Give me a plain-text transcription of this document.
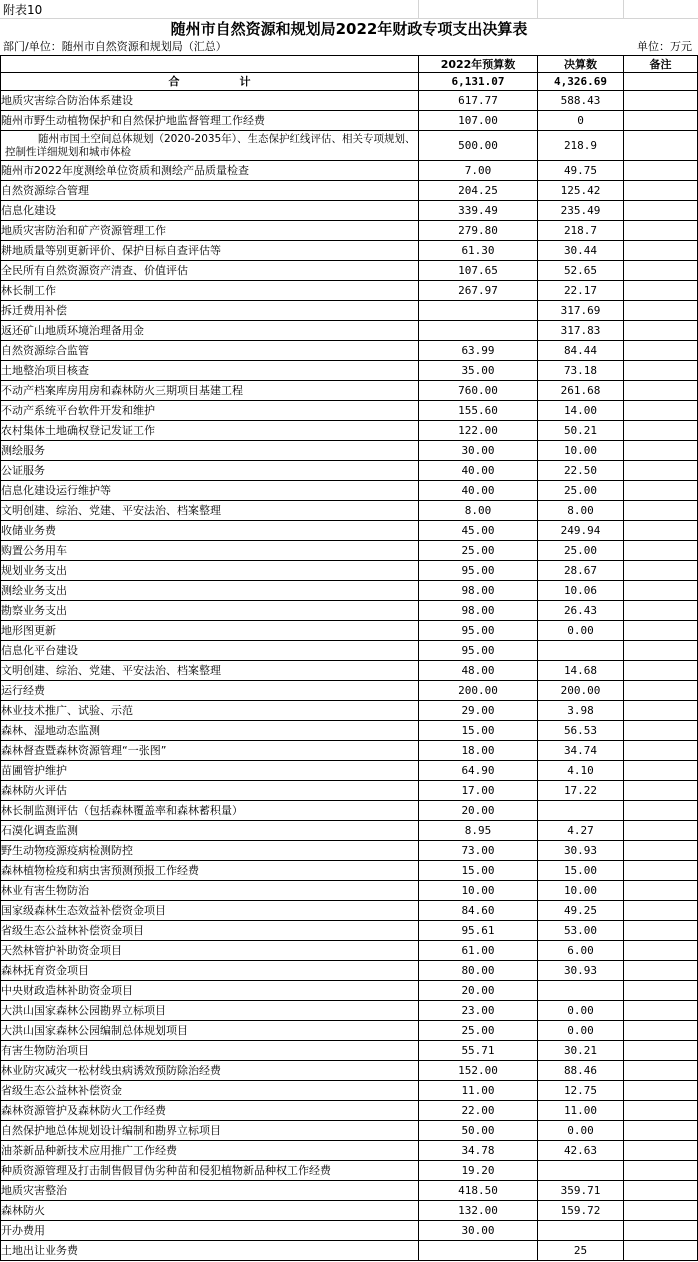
附表10
随州市自然资源和规划局2022年财政专项支出决算表
部门/单位：随州市自然资源和规划局（汇总）	单位：万元
	2022年预算数	决算数	备注
合 计	6,131.07	4,326.69	
地质灾害综合防治体系建设	617.77	588.43	
随州市野生动植物保护和自然保护地监督管理工作经费	107.00	0	
随州市国土空间总体规划（2020-2035年）、生态保护红线评估、相关专项规划、控制性详细规划和城市体检	500.00	218.9	
随州市2022年度测绘单位资质和测绘产品质量检查	7.00	49.75	
自然资源综合管理	204.25	125.42	
信息化建设	339.49	235.49	
地质灾害防治和矿产资源管理工作	279.80	218.7	
耕地质量等别更新评价、保护目标自查评估等	61.30	30.44	
全民所有自然资源资产清查、价值评估	107.65	52.65	
林长制工作	267.97	22.17	
拆迁费用补偿		317.69	
返还矿山地质环境治理备用金		317.83	
自然资源综合监管	63.99	84.44	
土地整治项目核查	35.00	73.18	
不动产档案库房用房和森林防火三期项目基建工程	760.00	261.68	
不动产系统平台软件开发和维护	155.60	14.00	
农村集体土地确权登记发证工作	122.00	50.21	
测绘服务	30.00	10.00	
公证服务	40.00	22.50	
信息化建设运行维护等	40.00	25.00	
文明创建、综治、党建、平安法治、档案整理	8.00	8.00	
收储业务费	45.00	249.94	
购置公务用车	25.00	25.00	
规划业务支出	95.00	28.67	
测绘业务支出	98.00	10.06	
勘察业务支出	98.00	26.43	
地形图更新	95.00	0.00	
信息化平台建设	95.00		
文明创建、综治、党建、平安法治、档案整理	48.00	14.68	
运行经费	200.00	200.00	
林业技术推广、试验、示范	29.00	3.98	
森林、湿地动态监测	15.00	56.53	
森林督查暨森林资源管理“一张图”	18.00	34.74	
苗圃管护维护	64.90	4.10	
森林防火评估	17.00	17.22	
林长制监测评估（包括森林覆盖率和森林蓄积量）	20.00		
石漠化调查监测	8.95	4.27	
野生动物疫源疫病检测防控	73.00	30.93	
森林植物检疫和病虫害预测预报工作经费	15.00	15.00	
林业有害生物防治	10.00	10.00	
国家级森林生态效益补偿资金项目	84.60	49.25	
省级生态公益林补偿资金项目	95.61	53.00	
天然林管护补助资金项目	61.00	6.00	
森林抚育资金项目	80.00	30.93	
中央财政造林补助资金项目	20.00		
大洪山国家森林公园勘界立标项目	23.00	0.00	
大洪山国家森林公园编制总体规划项目	25.00	0.00	
有害生物防治项目	55.71	30.21	
林业防灾减灾一松材线虫病诱效预防除治经费	152.00	88.46	
省级生态公益林补偿资金	11.00	12.75	
森林资源管护及森林防火工作经费	22.00	11.00	
自然保护地总体规划设计编制和勘界立标项目	50.00	0.00	
油茶新品种新技术应用推广工作经费	34.78	42.63	
种质资源管理及打击制售假冒伪劣种苗和侵犯植物新品种权工作经费	19.20		
地质灾害整治	418.50	359.71	
森林防火	132.00	159.72	
开办费用	30.00		
土地出让业务费		25	
